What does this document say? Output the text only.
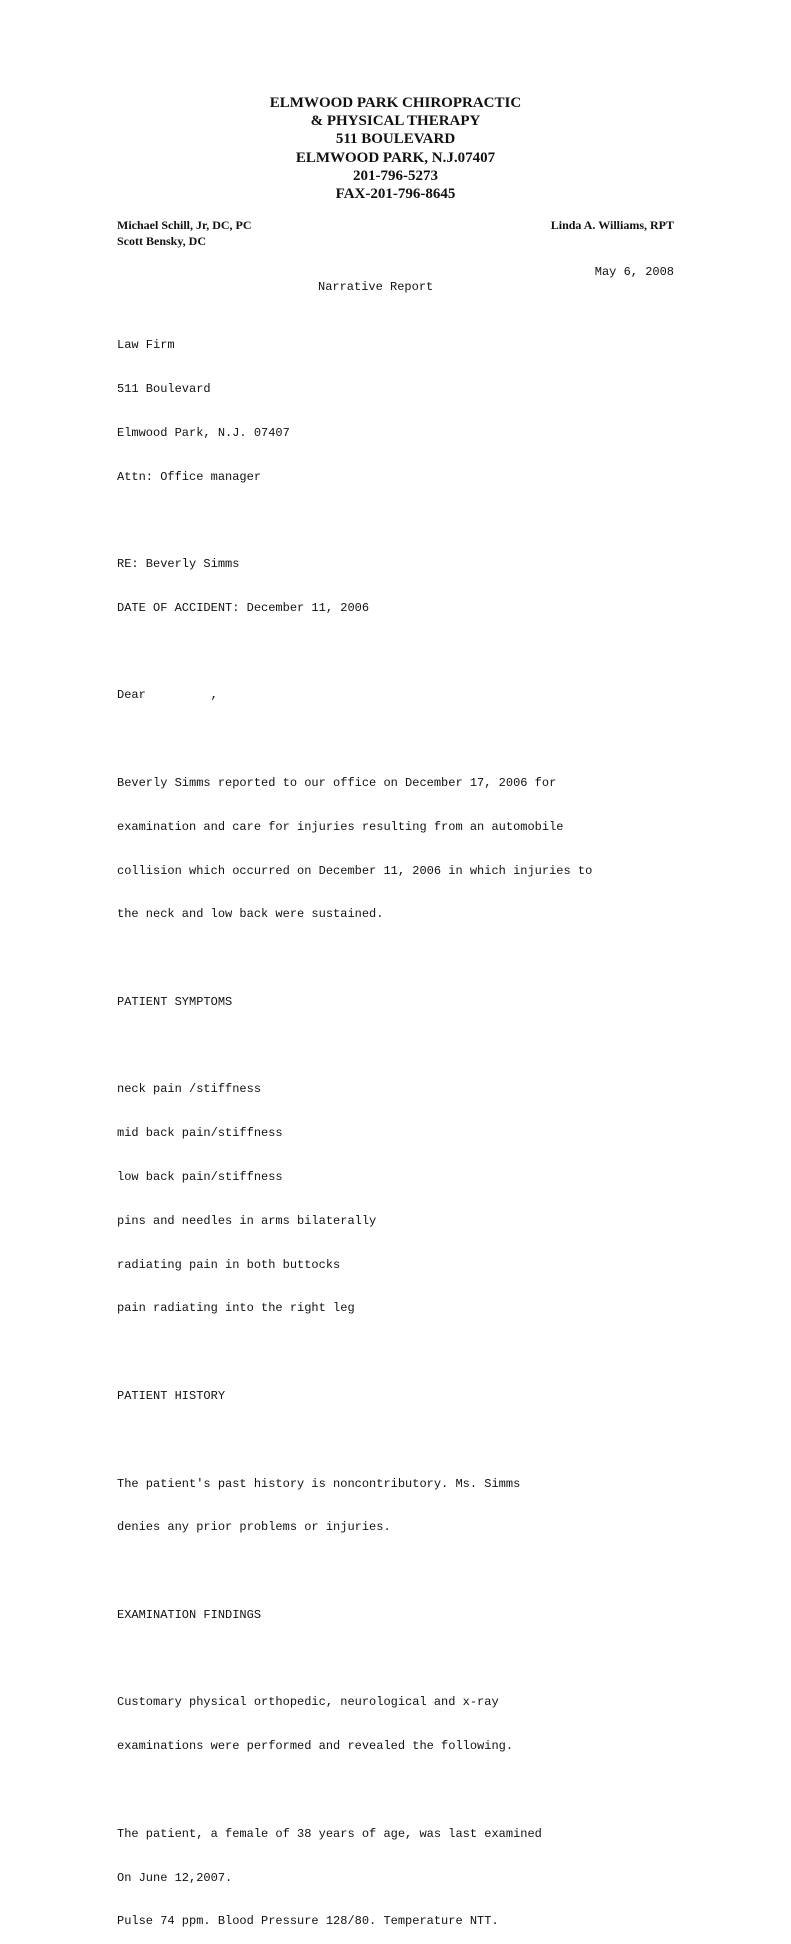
ELMWOOD PARK CHIROPRACTIC
& PHYSICAL THERAPY
511 BOULEVARD
ELMWOOD PARK, N.J.07407
201-796-5273
FAX-201-796-8645
Michael Schill, Jr, DC, PC
Scott Bensky, DC
Linda A. Williams, RPT
May 6, 2008
Narrative Report

Law Firm

511 Boulevard

Elmwood Park, N.J. 07407

Attn: Office manager

RE: Beverly Simms

DATE OF ACCIDENT: December 11, 2006

Dear         ,

Beverly Simms reported to our office on December 17, 2006 for

examination and care for injuries resulting from an automobile

collision which occurred on December 11, 2006 in which injuries to

the neck and low back were sustained.

PATIENT SYMPTOMS

neck pain /stiffness

mid back pain/stiffness

low back pain/stiffness

pins and needles in arms bilaterally

radiating pain in both buttocks

pain radiating into the right leg

PATIENT HISTORY

The patient's past history is noncontributory. Ms. Simms

denies any prior problems or injuries.

EXAMINATION FINDINGS

Customary physical orthopedic, neurological and x-ray

examinations were performed and revealed the following.

The patient, a female of 38 years of age, was last examined

On June 12,2007.

Pulse 74 ppm. Blood Pressure 128/80. Temperature NTT.
